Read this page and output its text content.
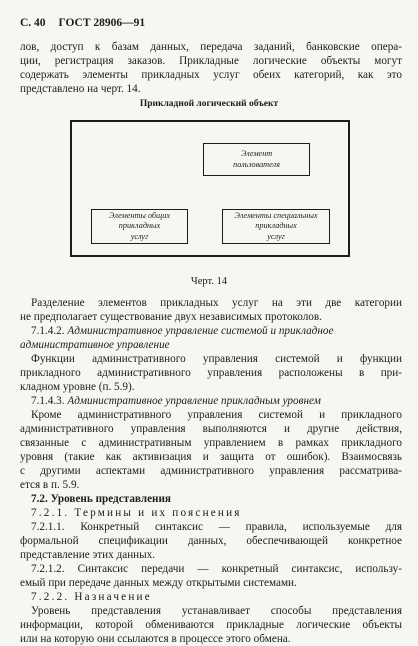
С. 40 ГОСТ 28906—91
лов, доступ к базам данных, передача заданий, банковские опера-
ции, регистрация заказов. Прикладные логические объекты могут
содержать элементы прикладных услуг обеих категорий, как это
представлено на черт. 14.
Прикладной логический объект
Элемент
пользователя
Элементы общих
прикладных
услуг
Элементы специальных
прикладных
услуг
Черт. 14
Разделение элементов прикладных услуг на эти две категории
не предполагает существование двух независимых протоколов.
7.1.4.2. Административное управление системой и прикладное
административное управление
Функции административного управления системой и функции
прикладного административного управления расположены в при-
кладном уровне (п. 5.9).
7.1.4.3. Административное управление прикладным уровнем
Кроме административного управления системой и прикладного
административного управления выполняются и другие действия,
связанные с административным управлением в рамках прикладного
уровня (такие как активизация и защита от ошибок). Взаимосвязь
с другими аспектами административного управления рассматрива-
ется в п. 5.9.
7.2. Уровень представления
7.2.1. Термины и их пояснения
7.2.1.1. Конкретный синтаксис — правила, используемые для
формальной спецификации данных, обеспечивающей конкретное
представление этих данных.
7.2.1.2. Синтаксис передачи — конкретный синтаксис, использу-
емый при передаче данных между открытыми системами.
7.2.2. Назначение
Уровень представления устанавливает способы представления
информации, которой обмениваются прикладные логические объекты
или на которую они ссылаются в процессе этого обмена.
